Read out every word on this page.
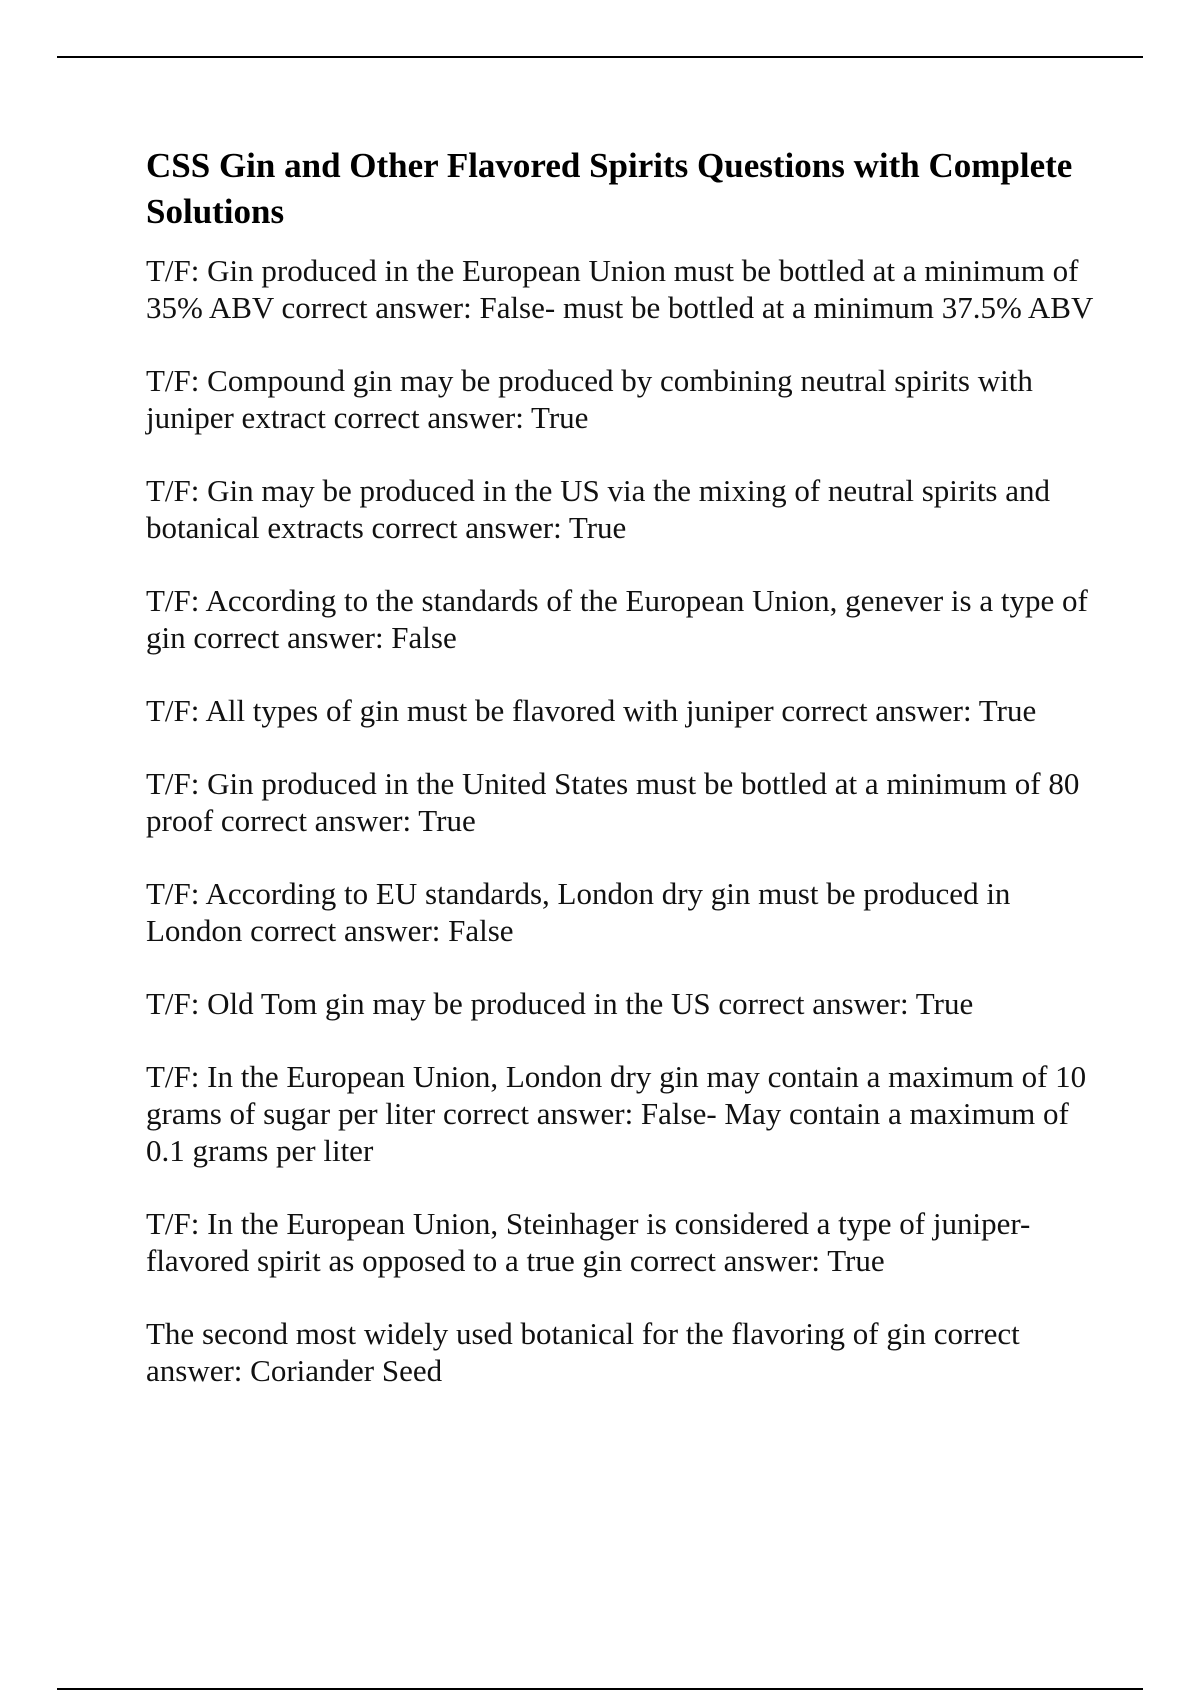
CSS Gin and Other Flavored Spirits Questions with Complete Solutions
T/F: Gin produced in the European Union must be bottled at a minimum of 35% ABV correct answer: False- must be bottled at a minimum 37.5% ABV
T/F: Compound gin may be produced by combining neutral spirits with juniper extract correct answer: True
T/F: Gin may be produced in the US via the mixing of neutral spirits and botanical extracts correct answer: True
T/F: According to the standards of the European Union, genever is a type of gin correct answer: False
T/F: All types of gin must be flavored with juniper correct answer: True
T/F: Gin produced in the United States must be bottled at a minimum of 80 proof correct answer: True
T/F: According to EU standards, London dry gin must be produced in London correct answer: False
T/F: Old Tom gin may be produced in the US correct answer: True
T/F: In the European Union, London dry gin may contain a maximum of 10 grams of sugar per liter correct answer: False- May contain a maximum of 0.1 grams per liter
T/F: In the European Union, Steinhager is considered a type of juniper-flavored spirit as opposed to a true gin correct answer: True
The second most widely used botanical for the flavoring of gin correct answer: Coriander Seed
